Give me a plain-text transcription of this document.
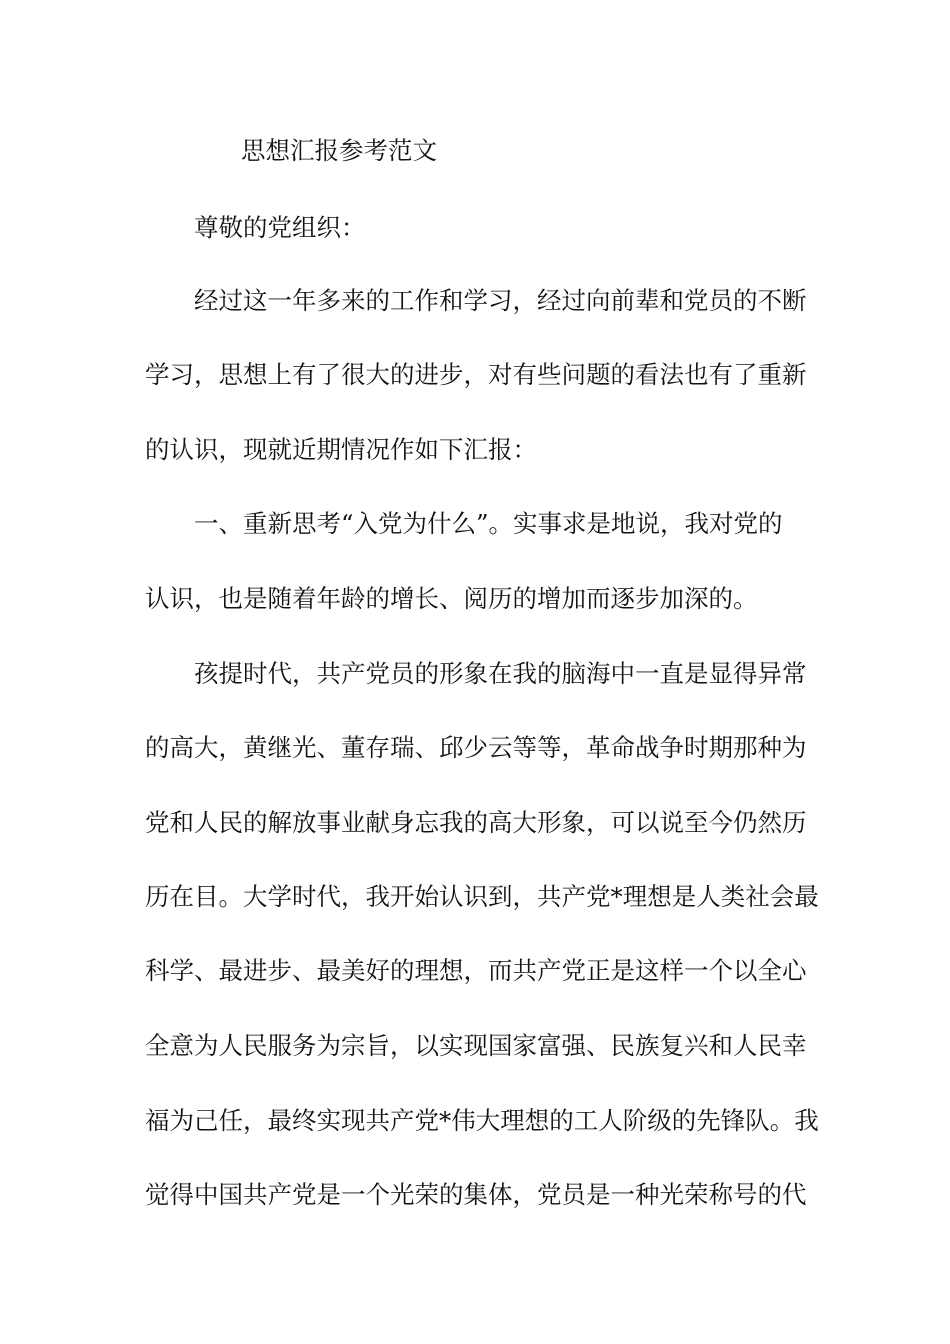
思想汇报参考范文
尊敬的党组织：
经过这一年多来的工作和学习，经过向前辈和党员的不断
学习，思想上有了很大的进步，对有些问题的看法也有了重新
的认识，现就近期情况作如下汇报：
一、重新思考“入党为什么”。实事求是地说，我对党的
认识，也是随着年龄的增长、阅历的增加而逐步加深的。
孩提时代，共产党员的形象在我的脑海中一直是显得异常
的高大，黄继光、董存瑞、邱少云等等，革命战争时期那种为
党和人民的解放事业献身忘我的高大形象，可以说至今仍然历
历在目。大学时代，我开始认识到，共产党*理想是人类社会最
科学、最进步、最美好的理想，而共产党正是这样一个以全心
全意为人民服务为宗旨，以实现国家富强、民族复兴和人民幸
福为己任，最终实现共产党*伟大理想的工人阶级的先锋队。我
觉得中国共产党是一个光荣的集体，党员是一种光荣称号的代
